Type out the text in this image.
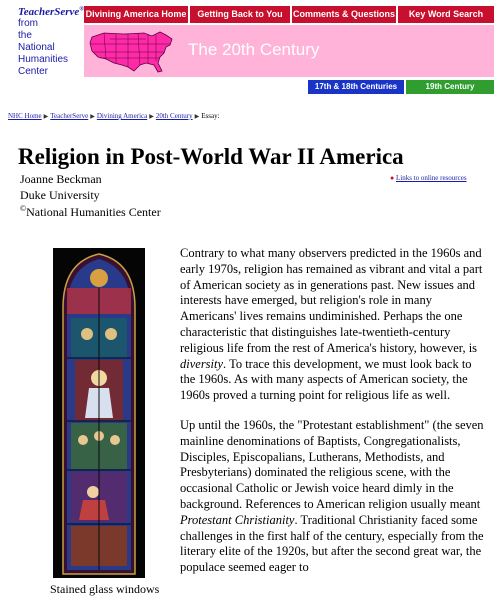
TeacherServe®
from
the
National
Humanities
Center
Divining America Home	Getting Back to You	Comments & Questions	Key Word Search
The 20th Century
17th & 18th Centuries	19th Century
NHC Home ▶ TeacherServe ▶ Divining America ▶ 20th Century ▶ Essay:
Religion in Post-World War II America
Joanne Beckman
Duke University
©National Humanities Center
● Links to online resources
Stained glass windows

Contrary to what many observers predicted in the 1960s and early 1970s, religion has remained as vibrant and vital a part of American society as in generations past. New issues and interests have emerged, but religion's role in many Americans' lives remains undiminished. Perhaps the one characteristic that distinguishes late-twentieth-century religious life from the rest of America's history, however, is diversity. To trace this development, we must look back to the 1960s. As with many aspects of American society, the 1960s proved a turning point for religious life as well.

Up until the 1960s, the "Protestant establishment" (the seven mainline denominations of Baptists, Congregationalists, Disciples, Episcopalians, Lutherans, Methodists, and Presbyterians) dominated the religious scene, with the occasional Catholic or Jewish voice heard dimly in the background. References to American religion usually meant Protestant Christianity. Traditional Christianity faced some challenges in the first half of the century, especially from the literary elite of the 1920s, but after the second great war, the populace seemed eager to
